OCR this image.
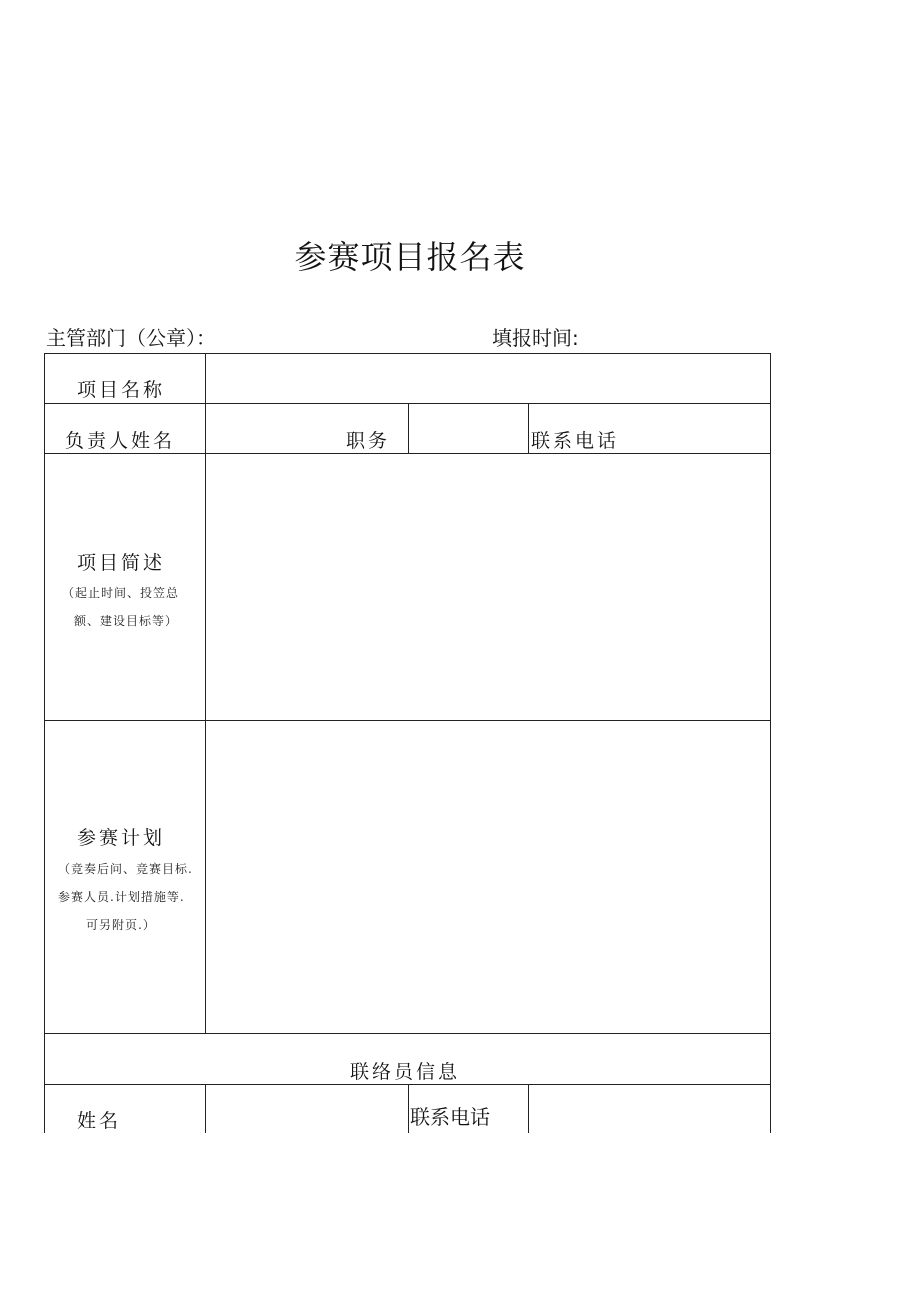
参赛项目报名表
主管部门（公章）：	填报时间:
项目名称
负责人姓名	职务	联系电话
项目简述
（起止时间、投笠总
额、建设目标等）
参赛计划
（竞奏后问、竞赛目标.
参赛人员.计划措施等.
可另附页.）
联络员信息
姓名	联系电话
